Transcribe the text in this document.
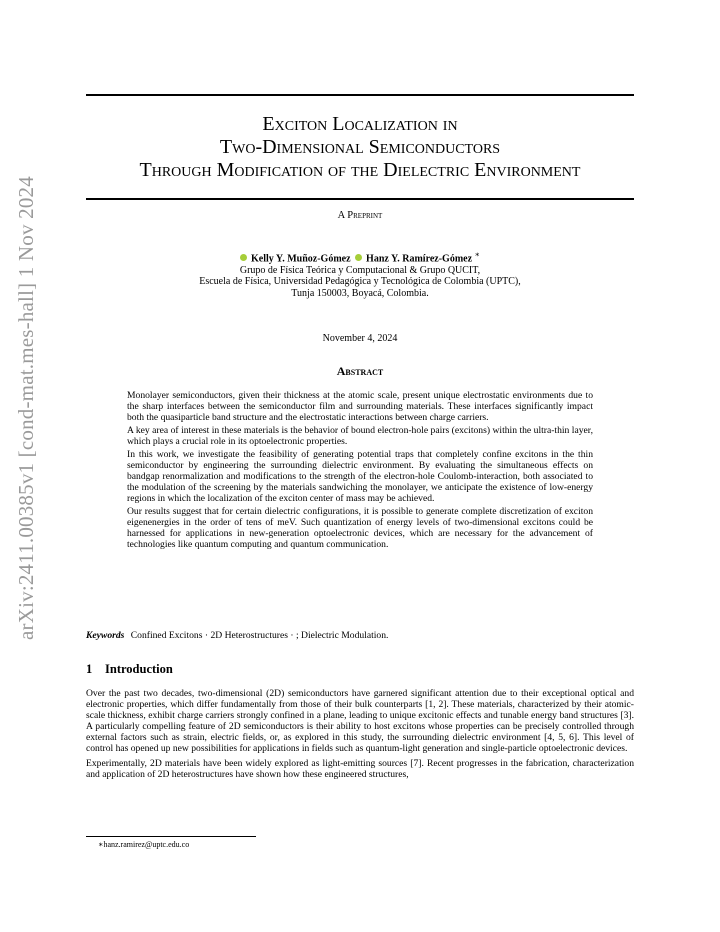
arXiv:2411.00385v1 [cond-mat.mes-hall] 1 Nov 2024
Exciton Localization in
Two-Dimensional Semiconductors
Through Modification of the Dielectric Environment
A Preprint
Kelly Y. Muñoz-Gómez Hanz Y. Ramírez-Gómez ∗
Grupo de Física Teórica y Computacional & Grupo QUCIT,
Escuela de Física, Universidad Pedagógica y Tecnológica de Colombia (UPTC),
Tunja 150003, Boyacá, Colombia.
November 4, 2024
Abstract

Monolayer semiconductors, given their thickness at the atomic scale, present unique electrostatic environments due to the sharp interfaces between the semiconductor film and surrounding materials. These interfaces significantly impact both the quasiparticle band structure and the electrostatic interactions between charge carriers.

A key area of interest in these materials is the behavior of bound electron-hole pairs (excitons) within the ultra-thin layer, which plays a crucial role in its optoelectronic properties.

In this work, we investigate the feasibility of generating potential traps that completely confine excitons in the thin semiconductor by engineering the surrounding dielectric environment. By evaluating the simultaneous effects on bandgap renormalization and modifications to the strength of the electron-hole Coulomb-interaction, both associated to the modulation of the screening by the materials sandwiching the monolayer, we anticipate the existence of low-energy regions in which the localization of the exciton center of mass may be achieved.

Our results suggest that for certain dielectric configurations, it is possible to generate complete discretization of exciton eigenenergies in the order of tens of meV. Such quantization of energy levels of two-dimensional excitons could be harnessed for applications in new-generation optoelectronic devices, which are necessary for the advancement of technologies like quantum computing and quantum communication.

Keywords Confined Excitons · 2D Heterostructures · ; Dielectric Modulation.
1 Introduction

Over the past two decades, two-dimensional (2D) semiconductors have garnered significant attention due to their exceptional optical and electronic properties, which differ fundamentally from those of their bulk counterparts [1, 2]. These materials, characterized by their atomic-scale thickness, exhibit charge carriers strongly confined in a plane, leading to unique excitonic effects and tunable energy band structures [3]. A particularly compelling feature of 2D semiconductors is their ability to host excitons whose properties can be precisely controlled through external factors such as strain, electric fields, or, as explored in this study, the surrounding dielectric environment [4, 5, 6]. This level of control has opened up new possibilities for applications in fields such as quantum-light generation and single-particle optoelectronic devices.

Experimentally, 2D materials have been widely explored as light-emitting sources [7]. Recent progresses in the fabrication, characterization and application of 2D heterostructures have shown how these engineered structures,

∗hanz.ramirez@uptc.edu.co
